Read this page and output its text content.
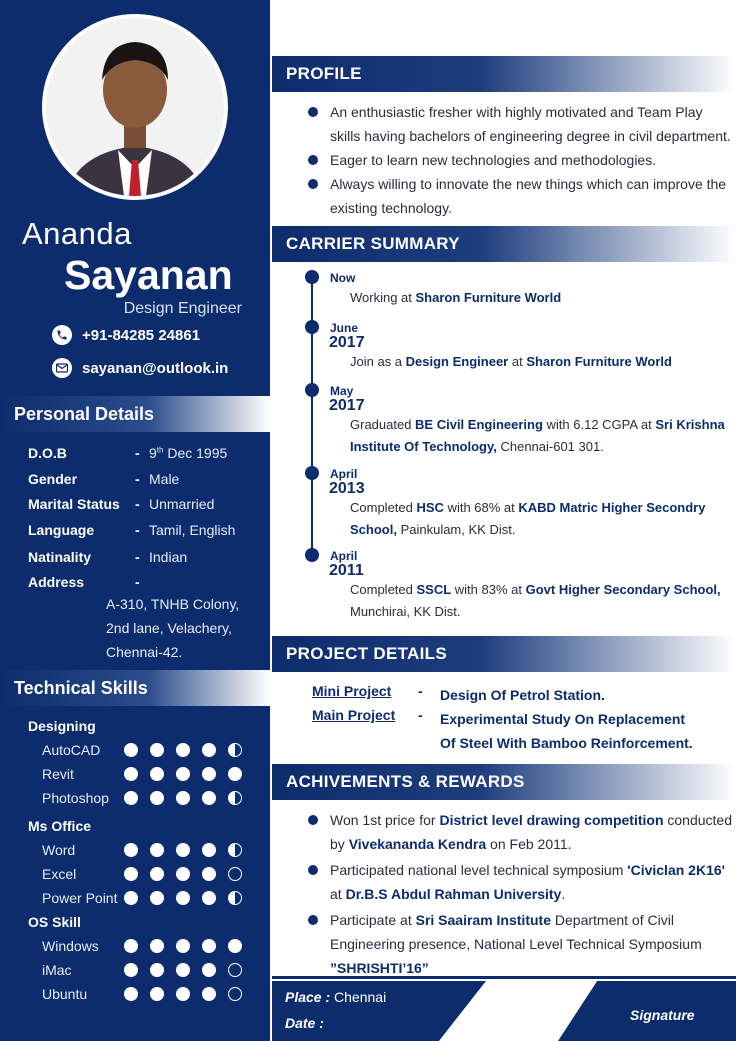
Ananda
Sayanan
Design Engineer
+91-84285 24861
sayanan@outlook.in
Personal Details
D.O.B	- 9th Dec 1995
Gender	- Male
Marital Status	- Unmarried
Language	- Tamil, English
Natinality	- Indian
Address	-
A-310, TNHB Colony,
2nd lane, Velachery,
Chennai-42.
Technical Skills
Designing
AutoCAD
Revit
Photoshop
Ms Office
Word
Excel
Power Point
OS Skill
Windows
iMac
Ubuntu
PROFILE
An enthusiastic fresher with highly motivated and Team Play skills having bachelors of engineering degree in civil department.
Eager to learn new technologies and methodologies.
Always willing to innovate the new things which can improve the existing technology.
CARRIER SUMMARY
Now
Working at Sharon Furniture World
June
2017
Join as a Design Engineer at Sharon Furniture World
May
2017
Graduated BE Civil Engineering with 6.12 CGPA at Sri Krishna Institute Of Technology, Chennai-601 301.
April
2013
Completed HSC with 68% at KABD Matric Higher Secondry School, Painkulam, KK Dist.
April
2011
Completed SSCL with 83% at Govt Higher Secondary School, Munchirai, KK Dist.
PROJECT DETAILS
Mini Project	-	Design Of Petrol Station.
Main Project	-	Experimental Study On Replacement Of Steel With Bamboo Reinforcement.
ACHIVEMENTS & REWARDS
Won 1st price for District level drawing competition conducted by Vivekananda Kendra on Feb 2011.
Participated national level technical symposium 'Civiclan 2K16' at Dr.B.S Abdul Rahman University.
Participate at Sri Saairam Institute Department of Civil Engineering presence, National Level Technical Symposium ”SHRISHTI’16”
Place : Chennai
Date :	Signature
